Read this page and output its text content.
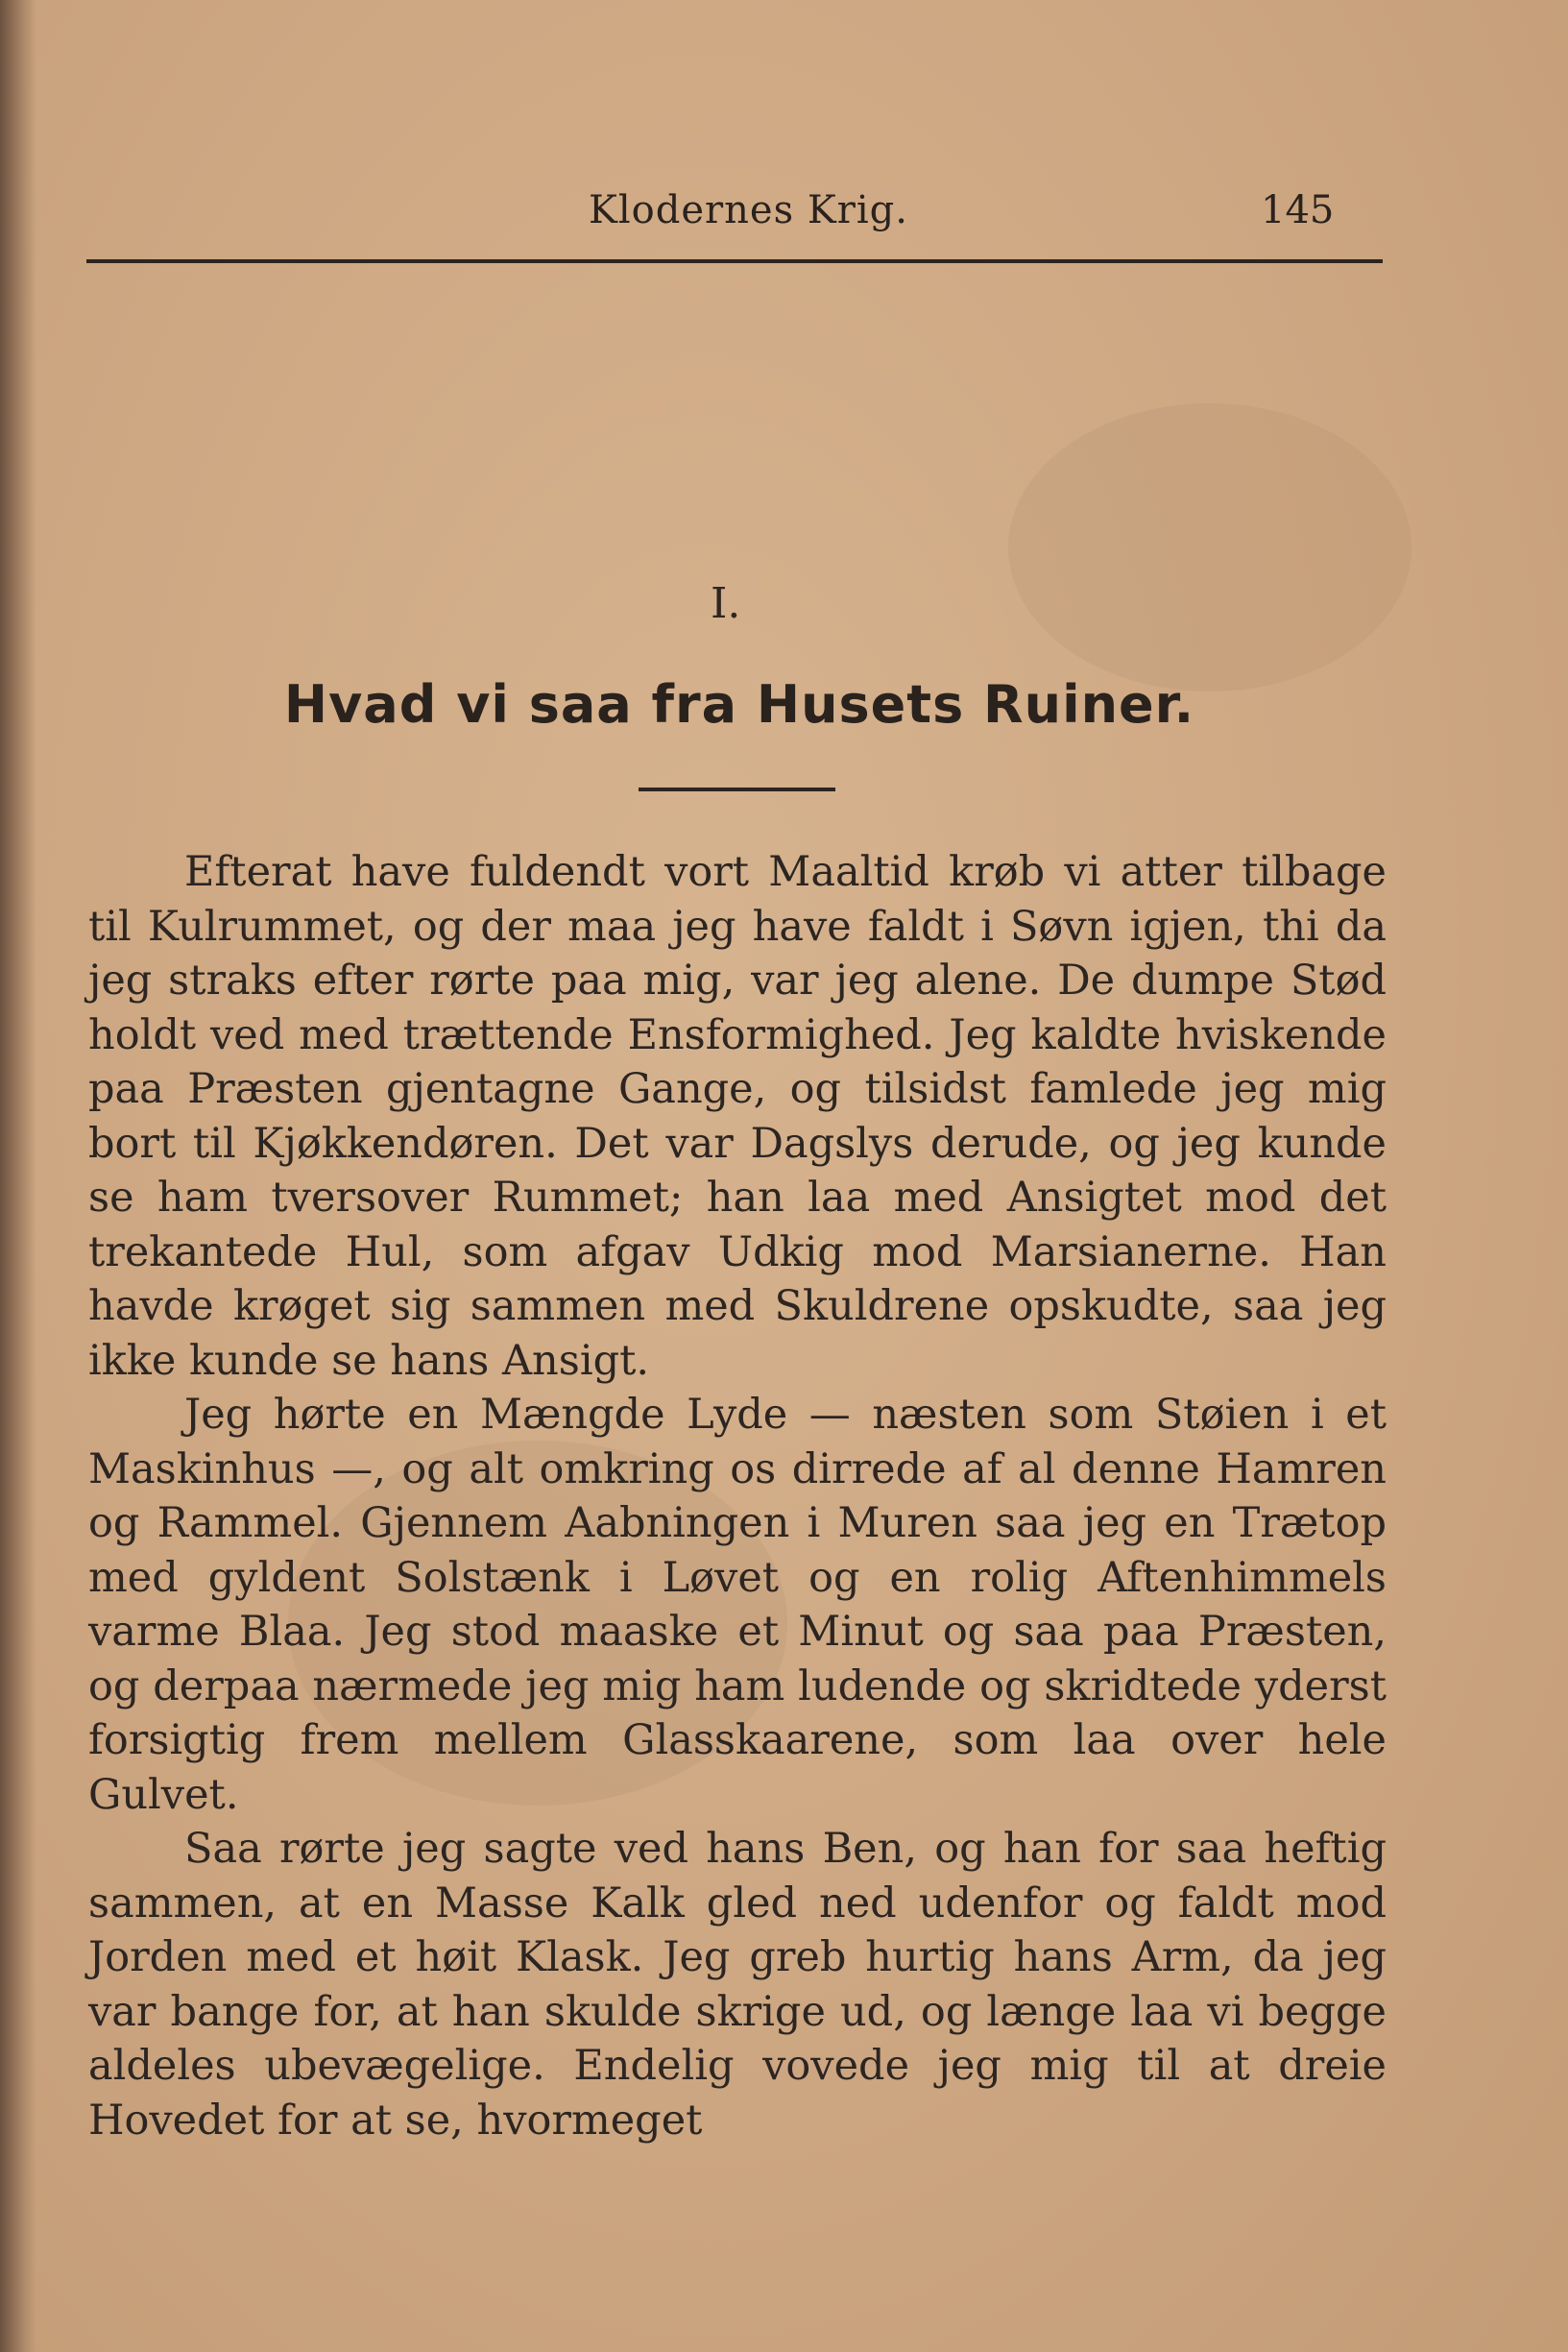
Klodernes Krig.	145
I.
Hvad vi saa fra Husets Ruiner.

Efterat have fuldendt vort Maaltid krøb vi atter tilbage til Kulrummet, og der maa jeg have faldt i Søvn igjen, thi da jeg straks efter rørte paa mig, var jeg alene. De dumpe Stød holdt ved med trættende Ensformighed. Jeg kaldte hviskende paa Præsten gjentagne Gange, og tilsidst famlede jeg mig bort til Kjøkkendøren. Det var Dagslys derude, og jeg kunde se ham tversover Rummet; han laa med Ansigtet mod det trekantede Hul, som afgav Udkig mod Marsianerne. Han havde krøget sig sammen med Skuldrene opskudte, saa jeg ikke kunde se hans Ansigt.

Jeg hørte en Mængde Lyde — næsten som Støien i et Maskinhus —, og alt omkring os dirrede af al denne Hamren og Rammel. Gjennem Aabningen i Muren saa jeg en Trætop med gyldent Solstænk i Løvet og en rolig Aftenhimmels varme Blaa. Jeg stod maaske et Minut og saa paa Præsten, og derpaa nærmede jeg mig ham ludende og skridtede yderst forsigtig frem mellem Glasskaarene, som laa over hele Gulvet.

Saa rørte jeg sagte ved hans Ben, og han for saa heftig sammen, at en Masse Kalk gled ned udenfor og faldt mod Jorden med et høit Klask. Jeg greb hurtig hans Arm, da jeg var bange for, at han skulde skrige ud, og længe laa vi begge aldeles ubevægelige. Endelig vovede jeg mig til at dreie Hovedet for at se, hvormeget
